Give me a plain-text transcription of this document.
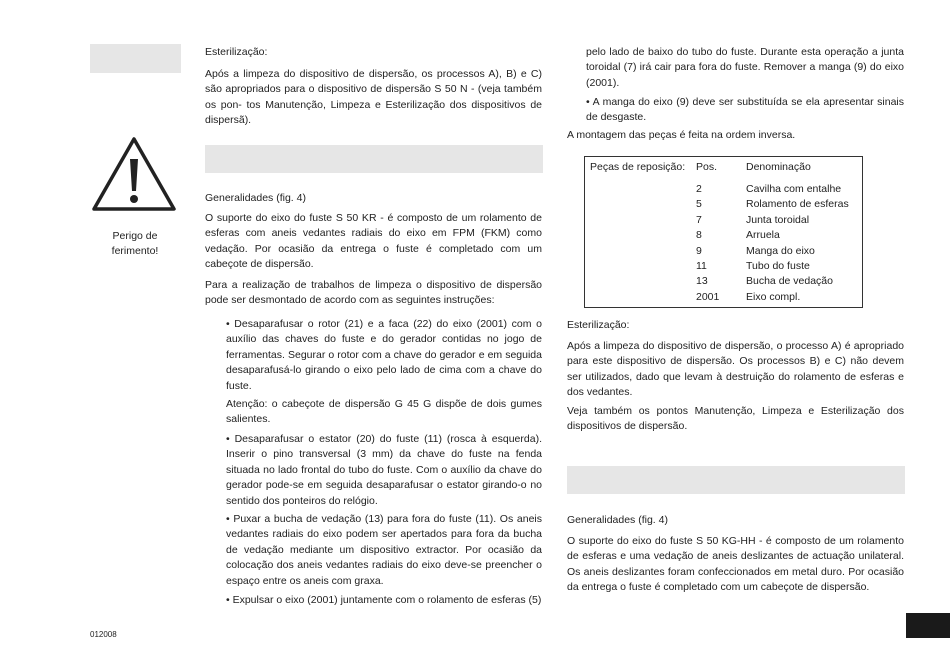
Esterilização:

Após a limpeza do dispositivo de dispersão, os processos A), B) e C) são apropriados para o dispositivo de dispersão S 50 N - (veja também os pon- tos Manutenção, Limpeza e Esterilização dos dispositivos de dispersã).

Perigo de

ferimento!

Generalidades (fig. 4)

O suporte do eixo do fuste S 50 KR - é composto de um rolamento de esferas com aneis vedantes radiais do eixo em FPM (FKM) como vedação. Por ocasião da entrega o fuste é completado com um cabeçote de dispersão.

Para a realização de trabalhos de limpeza o dispositivo de dispersão pode ser desmontado de acordo com as seguintes instruções:

• Desaparafusar o rotor (21) e a faca (22) do eixo (2001) com o auxílio das chaves do fuste e do gerador contidas no jogo de ferramentas. Segurar o rotor com a chave do gerador e em seguida desaparafusá-lo girando o eixo pelo lado de cima com a chave do fuste.

Atenção: o cabeçote de dispersão G 45 G dispõe de dois gumes salientes.

• Desaparafusar o estator (20) do fuste (11) (rosca à esquerda). Inserir o pino transversal (3 mm) da chave do fuste na fenda situada no lado frontal do tubo do fuste. Com o auxílio da chave do gerador pode-se em seguida desaparafusar o estator girando-o no sentido dos ponteiros do relógio.

• Puxar a bucha de vedação (13) para fora do fuste (11). Os aneis vedantes radiais do eixo podem ser apertados para fora da bucha de vedação mediante um dispositivo extractor. Por ocasião da colocação dos aneis vedantes radiais do eixo deve-se preencher o espaço entre os aneis com graxa.

• Expulsar o eixo (2001) juntamente com o rolamento de esferas (5)

012008

pelo lado de baixo do tubo do fuste. Durante esta operação a junta toroidal (7) irá cair para fora do fuste. Remover a manga (9) do eixo (2001).

• A manga do eixo (9) deve ser substituída se ela apresentar sinais de desgaste.

A montagem das peças é feita na ordem inversa.

Peças de reposição:	Pos.	Denominação
	2	Cavilha com entalhe
	5	Rolamento de esferas
	7	Junta toroidal
	8	Arruela
	9	Manga do eixo
	11	Tubo do fuste
	13	Bucha de vedação
	2001	Eixo compl.

Esterilização:

Após a limpeza do dispositivo de dispersão, o processo A) é apropriado para este dispositivo de dispersão. Os processos B) e C) não devem ser utilizados, dado que levam à destruição do rolamento de esferas e dos vedantes.

Veja também os pontos Manutenção, Limpeza e Esterilização dos dispositivos de dispersão.

Generalidades (fig. 4)

O suporte do eixo do fuste S 50 KG-HH - é composto de um rolamento de esferas e uma vedação de aneis deslizantes de actuação unilateral. Os aneis deslizantes foram confeccionados em metal duro. Por ocasião da entrega o fuste é completado com um cabeçote de dispersão.
